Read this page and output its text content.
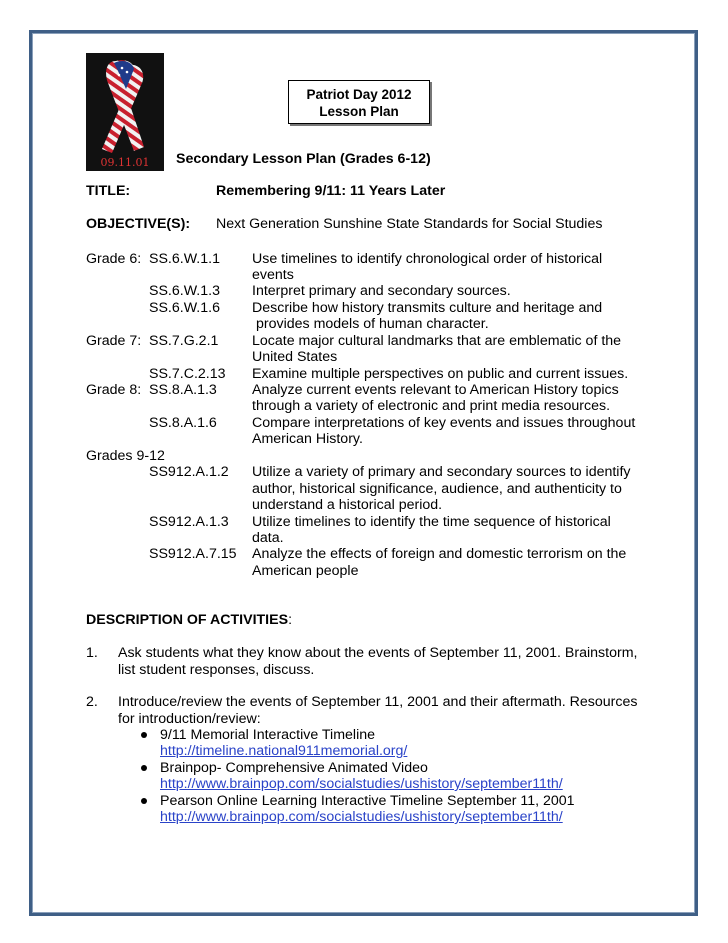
09.11.01
Patriot Day 2012
Lesson Plan
Secondary Lesson Plan (Grades 6-12)
TITLE:	Remembering 9/11: 11 Years Later
OBJECTIVE(S): Next Generation Sunshine State Standards for Social Studies
Grade 6: SS.6.W.1.1 Use timelines to identify chronological order of historical
events
SS.6.W.1.3 Interpret primary and secondary sources.
SS.6.W.1.6 Describe how history transmits culture and heritage and
provides models of human character.
Grade 7: SS.7.G.2.1 Locate major cultural landmarks that are emblematic of the
United States
SS.7.C.2.13 Examine multiple perspectives on public and current issues.
Grade 8: SS.8.A.1.3 Analyze current events relevant to American History topics
through a variety of electronic and print media resources.
SS.8.A.1.6 Compare interpretations of key events and issues throughout
American History.
Grades 9-12
SS912.A.1.2 Utilize a variety of primary and secondary sources to identify
author, historical significance, audience, and authenticity to
understand a historical period.
SS912.A.1.3 Utilize timelines to identify the time sequence of historical
data.
SS912.A.7.15 Analyze the effects of foreign and domestic terrorism on the
American people
DESCRIPTION OF ACTIVITIES:
1. Ask students what they know about the events of September 11, 2001. Brainstorm,
list student responses, discuss.
2. Introduce/review the events of September 11, 2001 and their aftermath. Resources
for introduction/review:
9/11 Memorial Interactive Timeline
http://timeline.national911memorial.org/
Brainpop- Comprehensive Animated Video
http://www.brainpop.com/socialstudies/ushistory/september11th/
Pearson Online Learning Interactive Timeline September 11, 2001
http://www.brainpop.com/socialstudies/ushistory/september11th/
